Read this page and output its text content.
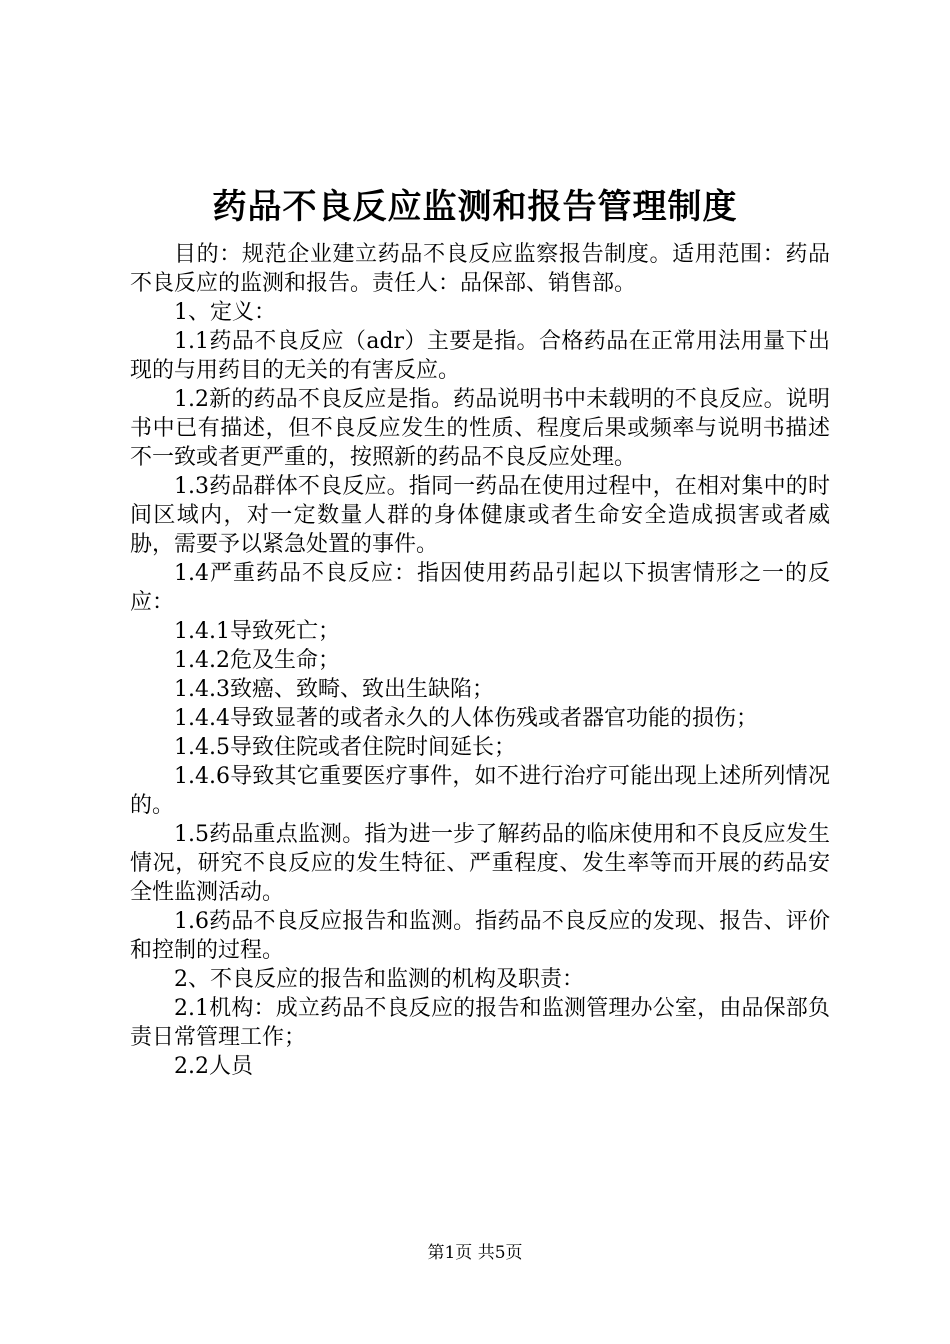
药品不良反应监测和报告管理制度

目的：规范企业建立药品不良反应监察报告制度。适用范围：药品不良反应的监测和报告。责任人：品保部、销售部。

1、定义：

1.1药品不良反应（adr）主要是指。合格药品在正常用法用量下出现的与用药目的无关的有害反应。

1.2新的药品不良反应是指。药品说明书中未载明的不良反应。说明书中已有描述，但不良反应发生的性质、程度后果或频率与说明书描述不一致或者更严重的，按照新的药品不良反应处理。

1.3药品群体不良反应。指同一药品在使用过程中，在相对集中的时间区域内，对一定数量人群的身体健康或者生命安全造成损害或者威胁，需要予以紧急处置的事件。

1.4严重药品不良反应：指因使用药品引起以下损害情形之一的反应：

1.4.1导致死亡；

1.4.2危及生命；

1.4.3致癌、致畸、致出生缺陷；

1.4.4导致显著的或者永久的人体伤残或者器官功能的损伤；

1.4.5导致住院或者住院时间延长；

1.4.6导致其它重要医疗事件，如不进行治疗可能出现上述所列情况的。

1.5药品重点监测。指为进一步了解药品的临床使用和不良反应发生情况，研究不良反应的发生特征、严重程度、发生率等而开展的药品安全性监测活动。

1.6药品不良反应报告和监测。指药品不良反应的发现、报告、评价和控制的过程。

2、不良反应的报告和监测的机构及职责：

2.1机构：成立药品不良反应的报告和监测管理办公室，由品保部负责日常管理工作；

2.2人员

第1页 共5页
